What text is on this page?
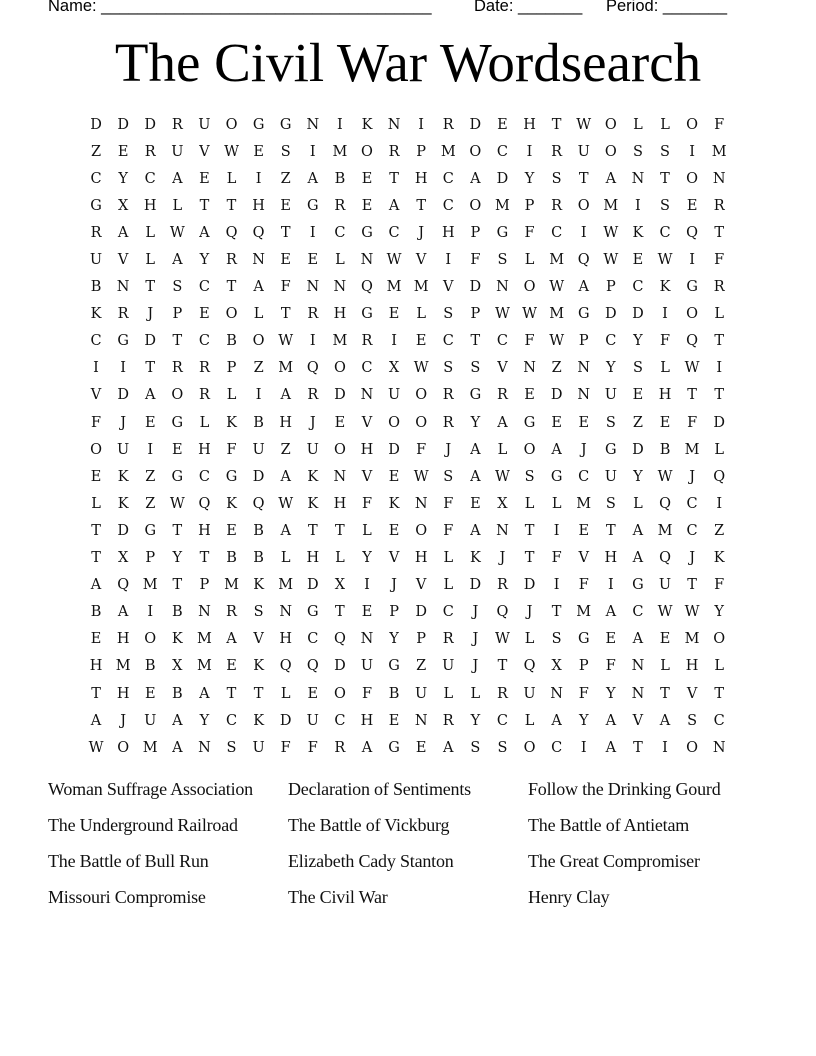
Name: ____________________________________	Date: _______ Period: _______
The Civil War Wordsearch
D	D	D	R	U	O	G	G	N	I	K	N	I	R	D	E	H	T	W O	L	L	O	F
Z	E	R	U	V W E	S	I	M O	R	P	M O	C	I	R	U	O	S	S	I	M
C	Y	C	A	E	L	I	Z	A	B	E	T	H	C	A	D	Y	S	T	A	N	T	O	N
G	X	H	L	T	T	H	E	G	R	E	A	T	C	O M	P	R	O M	I	S	E	R
R	A	L	W A	Q	Q	T	I	C	G	C	J	H	P	G	F	C	I	W K	C	Q	T
U	V	L	A	Y	R	N	E	E	L	N W V	I	F	S	L	M Q W E W	I	F
B	N	T	S	C	T	A	F	N N	Q M M V	D	N	O W A	P	C	K	G	R
K	R	J	P	E	O	L	T	R	H	G	E	L	S	P	W W M G	D	D	I	O	L
C	G	D	T	C	B	O W	I	M R	I	E	C	T	C	F	W	P	C	Y	F	Q	T
I	I	T	R	R	P	Z	M Q	O	C	X W	S	S	V	N	Z	N	Y	S	L	W	I
V	D	A	O	R	L	I	A	R	D	N	U	O	R	G	R	E	D	N	U	E	H	T	T
F	J	E	G	L	K	B	H	J	E	V	O	O	R	Y	A	G	E	E	S	Z	E	F	D
O	U	I	E	H	F	U	Z	U	O	H	D	F	J	A	L	O	A	J	G	D	B M	L
E	K	Z	G	C	G	D	A	K	N	V	E W	S	A W	S	G	C	U	Y	W	J	Q
L	K	Z	W Q	K	Q W K	H	F	K	N	F	E	X	L	L	M	S	L	Q	C	I
T	D	G	T	H	E	B	A	T	T	L	E	O	F	A	N	T	I	E	T	A M C	Z
T	X	P	Y	T	B	B	L	H	L	Y	V	H	L	K	J	T	F	V	H	A	Q	J	K
A	Q M	T	P	M K M D	X	I	J	V	L	D	R	D	I	F	I	G	U	T	F
B	A	I	B	N	R	S	N	G	T	E	P	D	C	J	Q	J	T	M A	C W W	Y
E	H	O	K M A	V	H	C	Q	N	Y	P	R	J	W	L	S	G	E	A	E M O
H M B	X	M E	K	Q	Q	D	U	G	Z	U	J	T	Q	X	P	F	N	L	H	L
T	H	E	B	A	T	T	L	E	O	F	B	U	L	L	R	U	N	F	Y	N	T	V	T
A	J	U	A	Y	C	K	D	U	C	H	E	N	R	Y	C	L	A	Y	A	V	A	S	C
W O M A	N	S	U	F	F	R	A	G	E	A	S	S	O	C	I	A	T	I	O	N
Woman Suffrage Association	Declaration of Sentiments	Follow the Drinking Gourd
The Underground Railroad	The Battle of Vickburg	The Battle of Antietam
The Battle of Bull Run	Elizabeth Cady Stanton	The Great Compromiser
Missouri Compromise	The Civil War	Henry Clay
